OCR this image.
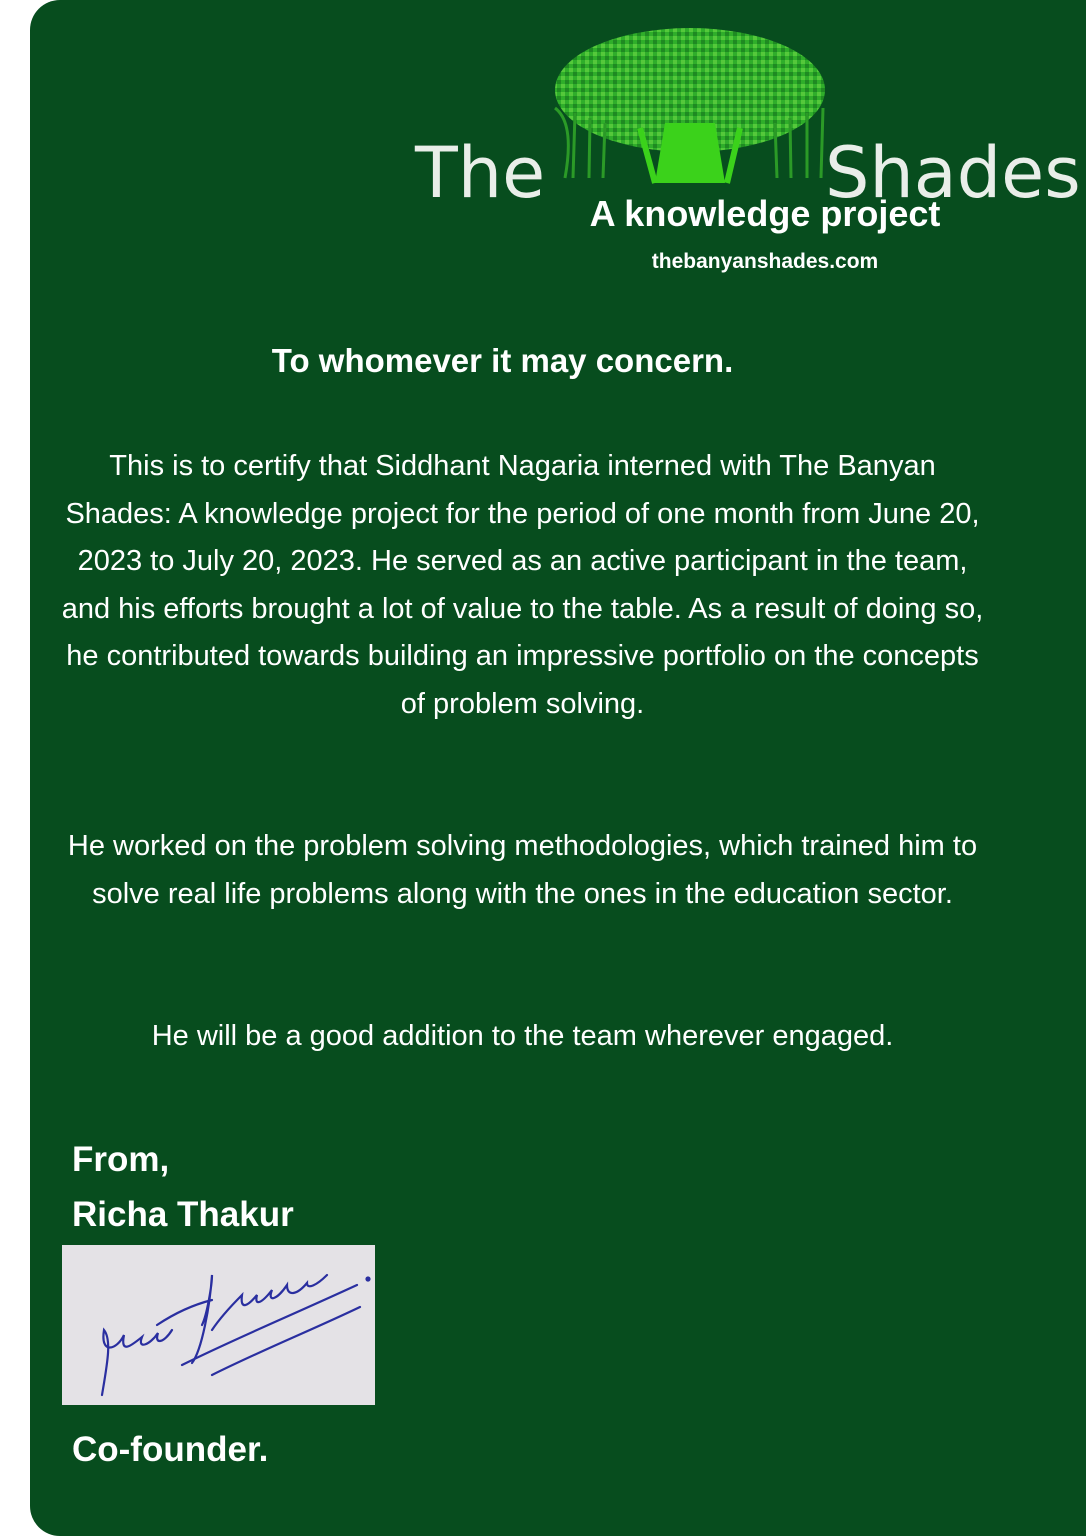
The	Shades
A knowledge project
thebanyanshades.com
To whomever it may concern.
This is to certify that Siddhant Nagaria interned with The Banyan Shades: A knowledge project for the period of one month from June 20, 2023 to July 20, 2023. He served as an active participant in the team, and his efforts brought a lot of value to the table. As a result of doing so, he contributed towards building an impressive portfolio on the concepts of problem solving.
He worked on the problem solving methodologies, which trained him to solve real life problems along with the ones in the education sector.
He will be a good addition to the team wherever engaged.
From,
Richa Thakur
Co-founder.
